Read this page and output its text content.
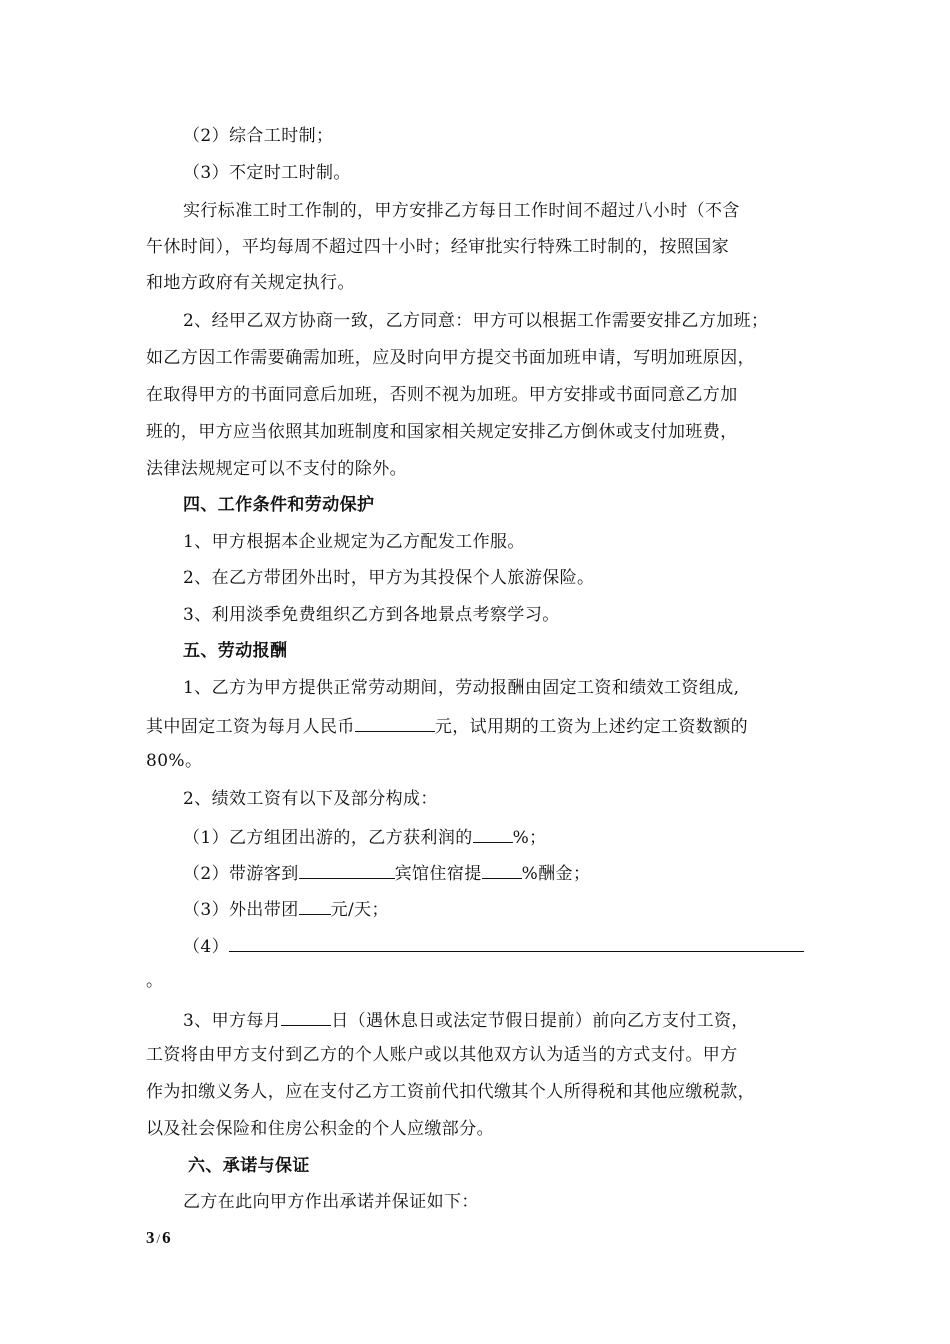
（2）综合工时制；
（3）不定时工时制。
实行标准工时工作制的，甲方安排乙方每日工作时间不超过八小时（不含
午休时间），平均每周不超过四十小时；经审批实行特殊工时制的，按照国家
和地方政府有关规定执行。
2、经甲乙双方协商一致，乙方同意：甲方可以根据工作需要安排乙方加班；
如乙方因工作需要确需加班，应及时向甲方提交书面加班申请，写明加班原因，
在取得甲方的书面同意后加班，否则不视为加班。甲方安排或书面同意乙方加
班的，甲方应当依照其加班制度和国家相关规定安排乙方倒休或支付加班费，
法律法规规定可以不支付的除外。
四、工作条件和劳动保护
1、甲方根据本企业规定为乙方配发工作服。
2、在乙方带团外出时，甲方为其投保个人旅游保险。
3、利用淡季免费组织乙方到各地景点考察学习。
五、劳动报酬
1、乙方为甲方提供正常劳动期间，劳动报酬由固定工资和绩效工资组成,
其中固定工资为每月人民币	元，试用期的工资为上述约定工资数额的
80%。
2、绩效工资有以下及部分构成：
（1）乙方组团出游的，乙方获利润的 %；
（2）带游客到	宾馆住宿提 %酬金；
（3）外出带团 元/天；
（4）
。
3、甲方每月	日（遇休息日或法定节假日提前）前向乙方支付工资，
工资将由甲方支付到乙方的个人账户或以其他双方认为适当的方式支付。甲方
作为扣缴义务人，应在支付乙方工资前代扣代缴其个人所得税和其他应缴税款，
以及社会保险和住房公积金的个人应缴部分。
六、承诺与保证
乙方在此向甲方作出承诺并保证如下：
3 / 6
